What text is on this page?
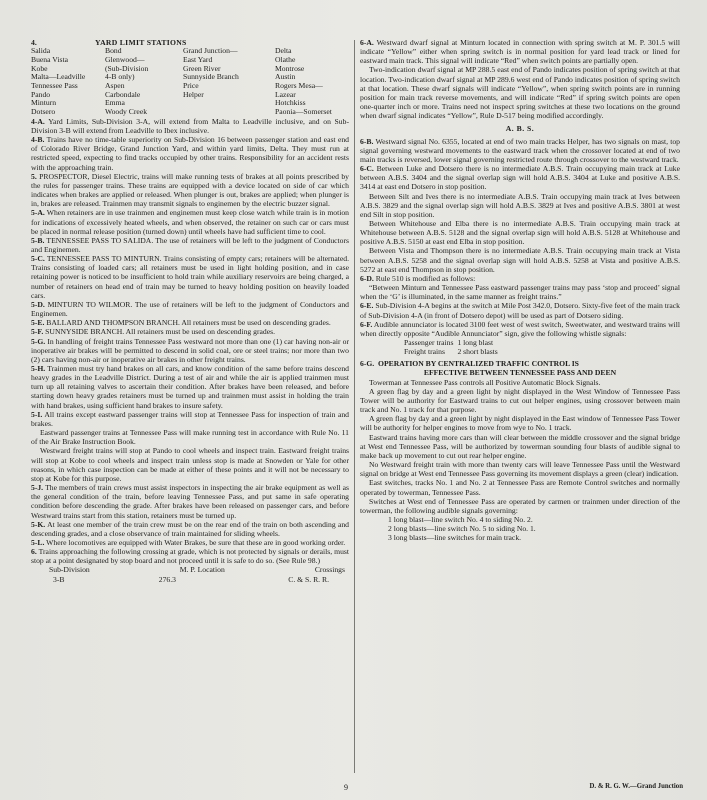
4.	YARD LIMIT STATIONS
Salida	Bond	Grand Junction—	Delta
Buena Vista	Glenwood—	East Yard	Olathe
Kobe	(Sub-Division	Green River	Montrose
Malta—Leadville	4-B only)	Sunnyside Branch	Austin
Tennessee Pass	Aspen	Price	Rogers Mesa—
Pando	Carbondale	Helper	Lazear
Minturn	Emma		Hotchkiss
Dotsero	Woody Creek		Paonia—Somerset

4-A. Yard Limits, Sub-Division 3-A, will extend from Malta to Leadville inclusive, and on Sub-Division 3-B will extend from Leadville to Ibex inclusive.

4-B. Trains have no time-table superiority on Sub-Division 16 between passenger station and east end of Colorado River Bridge, Grand Junction Yard, and within yard limits, Delta. They must run at restricted speed, expecting to find tracks occupied by other trains. Responsibility for an accident rests with the approaching train.

5. PROSPECTOR, Diesel Electric, trains will make running tests of brakes at all points prescribed by the rules for passenger trains. These trains are equipped with a device located on side of car which indicates when brakes are applied or released. When plunger is out, brakes are applied; when plunger is in, brakes are released. Trainmen may transmit signals to enginemen by the electric buzzer signal.

5-A. When retainers are in use trainmen and enginemen must keep close watch while train is in motion for indications of excessively heated wheels, and when observed, the retainer on such car or cars must be placed in normal release position (turned down) until wheels have had sufficient time to cool.

5-B. TENNESSEE PASS TO SALIDA. The use of retainers will be left to the judgment of Conductors and Enginemen.

5-C. TENNESSEE PASS TO MINTURN. Trains consisting of empty cars; retainers will be alternated. Trains consisting of loaded cars; all retainers must be used in light holding position, and in case retaining power is noticed to be insufficient to hold train while auxiliary reservoirs are being charged, a number of retainers on head end of train may be turned to heavy holding position on heavily loaded cars.

5-D. MINTURN TO WILMOR. The use of retainers will be left to the judgment of Conductors and Enginemen.

5-E. BALLARD AND THOMPSON BRANCH. All retainers must be used on descending grades.

5-F. SUNNYSIDE BRANCH. All retainers must be used on descending grades.

5-G. In handling of freight trains Tennessee Pass westward not more than one (1) car having non-air or inoperative air brakes will be permitted to descend in solid coal, ore or steel trains; nor more than two (2) cars having non-air or inoperative air brakes in other freight trains.

5-H. Trainmen must try hand brakes on all cars, and know condition of the same before trains descend heavy grades in the Leadville District. During a test of air and while the air is applied trainmen must turn up all retaining valves to ascertain their condition. After brakes have been released, and before starting down heavy grades retainers must be turned up and trainmen must assist in holding the train with hand brakes, using sufficient hand brakes to insure safety.

5-I. All trains except eastward passenger trains will stop at Tennessee Pass for inspection of train and brakes.

Eastward passenger trains at Tennessee Pass will make running test in accordance with Rule No. 11 of the Air Brake Instruction Book.

Westward freight trains will stop at Pando to cool wheels and inspect train. Eastward freight trains will stop at Kobe to cool wheels and inspect train unless stop is made at Snowden or Yale for other reasons, in which case inspection can be made at either of these points and it will not be necessary to stop at Kobe for this purpose.

5-J. The members of train crews must assist inspectors in inspecting the air brake equipment as well as the general condition of the train, before leaving Tennessee Pass, and put same in safe operating condition before descending the grade. After brakes have been released on passenger cars, and before Westward trains start from this station, retainers must be turned up.

5-K. At least one member of the train crew must be on the rear end of the train on both ascending and descending grades, and a close observance of train maintained for sliding wheels.

5-L. Where locomotives are equipped with Water Brakes, be sure that these are in good working order.

6. Trains approaching the following crossing at grade, which is not protected by signals or derails, must stop at a point designated by stop board and not proceed until it is safe to do so. (See Rule 98.)

Sub-Division	M. P. Location	Crossings
3-B	276.3	C. & S. R. R.

6-A. Westward dwarf signal at Minturn located in connection with spring switch at M. P. 301.5 will indicate “Yellow” either when spring switch is in normal position for yard lead track or lined for eastward main track. This signal will indicate “Red” when switch points are partially open.

Two-indication dwarf signal at MP 288.5 east end of Pando indicates position of spring switch at that location. Two-indication dwarf signal at MP 289.6 west end of Pando indicates position of spring switch at that location. These dwarf signals will indicate “Yellow”, when spring switch points are in running position for main track reverse movements, and will indicate “Red” if spring switch points are open one-quarter inch or more. Trains need not inspect spring switches at these two locations on the ground when dwarf signal indicates “Yellow”, Rule D-517 being modified accordingly.

A. B. S.

6-B. Westward signal No. 6355, located at end of two main tracks Helper, has two signals on mast, top signal governing westward movements to the eastward track when the crossover located at end of two main tracks is reversed, lower signal governing restricted route through crossover to the westward track.

6-C. Between Luke and Dotsero there is no intermediate A.B.S. Train occupying main track at Luke between A.B.S. 3404 and the signal overlap sign will hold A.B.S. 3404 at Luke and positive A.B.S. 3414 at east end Dotsero in stop position.

Between Silt and Ives there is no intermediate A.B.S. Train occupying main track at Ives between A.B.S. 3829 and the signal overlap sign will hold A.B.S. 3829 at Ives and positive A.B.S. 3801 at west end Silt in stop position.

Between Whitehouse and Elba there is no intermediate A.B.S. Train occupying main track at Whitehouse between A.B.S. 5128 and the signal overlap sign will hold A.B.S. 5128 at Whitehouse and positive A.B.S. 5150 at east end Elba in stop position.

Between Vista and Thompson there is no intermediate A.B.S. Train occupying main track at Vista between A.B.S. 5258 and the signal overlap sign will hold A.B.S. 5258 at Vista and positive A.B.S. 5272 at east end Thompson in stop position.

6-D. Rule 510 is modified as follows:

“Between Minturn and Tennessee Pass eastward passenger trains may pass ‘stop and proceed’ signal when the ‘G’ is illuminated, in the same manner as freight trains.”

6-E. Sub-Division 4-A begins at the switch at Mile Post 342.0, Dotsero. Sixty-five feet of the main track of Sub-Division 4-A (in front of Dotsero depot) will be used as part of Dotsero siding.

6-F. Audible annunciator is located 3100 feet west of west switch, Sweetwater, and westward trains will when directly opposite “Audible Annunciator” sign, give the following whistle signals:

Passenger trains	1 long blast
Freight trains	2 short blasts

6-G. OPERATION BY CENTRALIZED TRAFFIC CONTROL IS

EFFECTIVE BETWEEN TENNESSEE PASS AND DEEN

Towerman at Tennessee Pass controls all Positive Automatic Block Signals.

A green flag by day and a green light by night displayed in the West Window of Tennessee Pass Tower will be authority for Eastward trains to cut out helper engines, using crossover between main track and No. 1 track for that purpose.

A green flag by day and a green light by night displayed in the East window of Tennessee Pass Tower will be authority for helper engines to move from wye to No. 1 track.

Eastward trains having more cars than will clear between the middle crossover and the signal bridge at West end Tennessee Pass, will be authorized by towerman sounding four blasts of audible signal to make back up movement to cut out rear helper engine.

No Westward freight train with more than twenty cars will leave Tennessee Pass until the Westward signal on bridge at West end Tennessee Pass governing its movement displays a green (clear) indication.

East switches, tracks No. 1 and No. 2 at Tennessee Pass are Remote Control switches and normally operated by towerman, Tennessee Pass.

Switches at West end of Tennessee Pass are operated by carmen or trainmen under direction of the towerman, the following audible signals governing:

1 long blast—line switch No. 4 to siding No. 2.

2 long blasts—line switch No. 5 to siding No. 1.

3 long blasts—line switches for main track.

9	D. & R. G. W.—Grand Junction
